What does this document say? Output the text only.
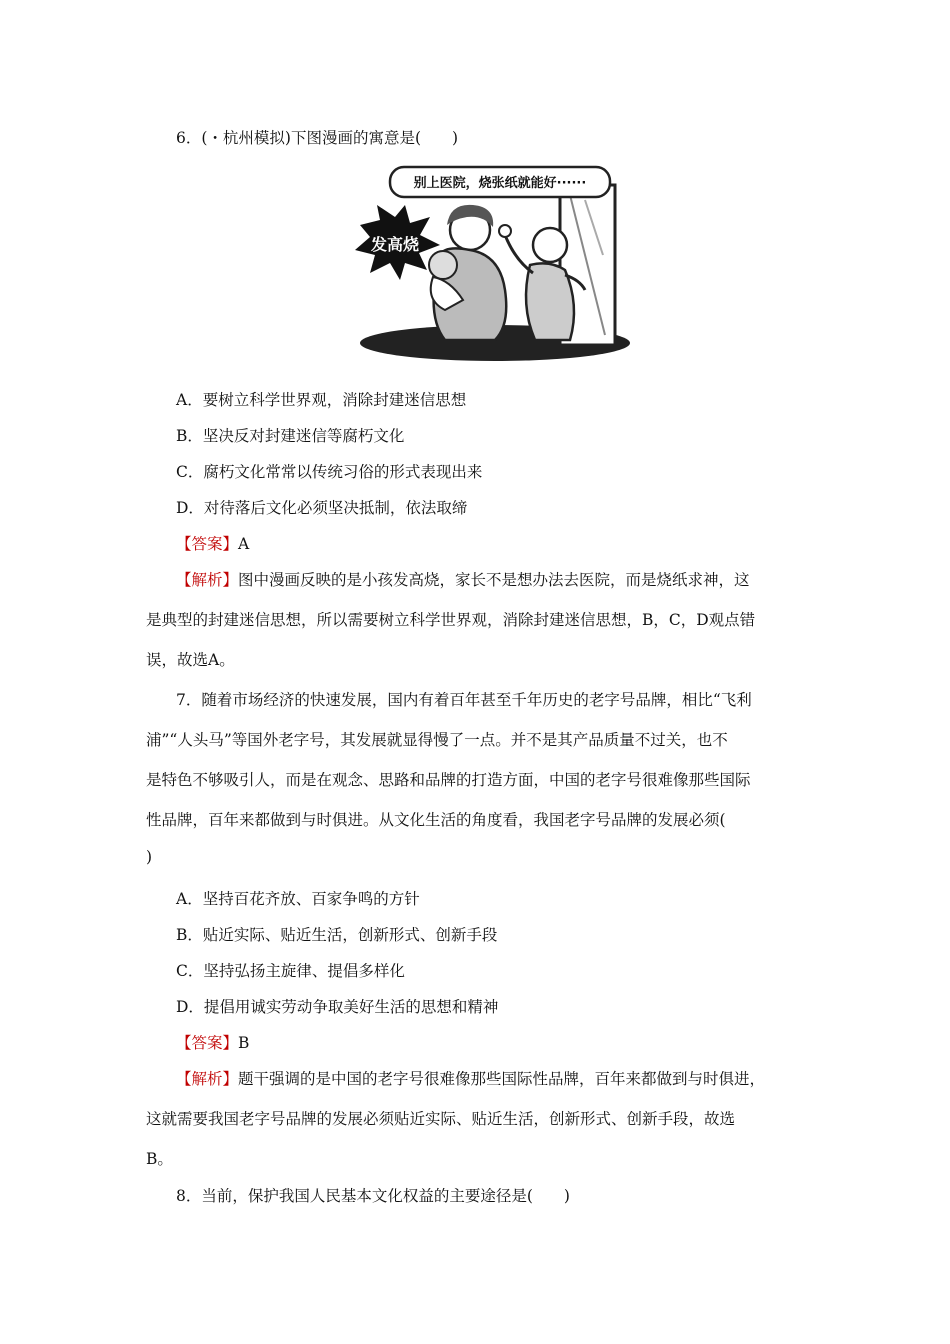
6．(・杭州模拟)下图漫画的寓意是(　　)
别上医院，烧张纸就能好······
发高烧
A．要树立科学世界观，消除封建迷信思想
B．坚决反对封建迷信等腐朽文化
C．腐朽文化常常以传统习俗的形式表现出来
D．对待落后文化必须坚决抵制，依法取缔
【答案】A
【解析】图中漫画反映的是小孩发高烧，家长不是想办法去医院，而是烧纸求神，这
是典型的封建迷信思想，所以需要树立科学世界观，消除封建迷信思想，B，C，D观点错
误，故选A。
7．随着市场经济的快速发展，国内有着百年甚至千年历史的老字号品牌，相比“飞利
浦”“人头马”等国外老字号，其发展就显得慢了一点。并不是其产品质量不过关，也不
是特色不够吸引人，而是在观念、思路和品牌的打造方面，中国的老字号很难像那些国际
性品牌，百年来都做到与时俱进。从文化生活的角度看，我国老字号品牌的发展必须(
)
A．坚持百花齐放、百家争鸣的方针
B．贴近实际、贴近生活，创新形式、创新手段
C．坚持弘扬主旋律、提倡多样化
D．提倡用诚实劳动争取美好生活的思想和精神
【答案】B
【解析】题干强调的是中国的老字号很难像那些国际性品牌，百年来都做到与时俱进，
这就需要我国老字号品牌的发展必须贴近实际、贴近生活，创新形式、创新手段，故选
B。
8．当前，保护我国人民基本文化权益的主要途径是(　　)
